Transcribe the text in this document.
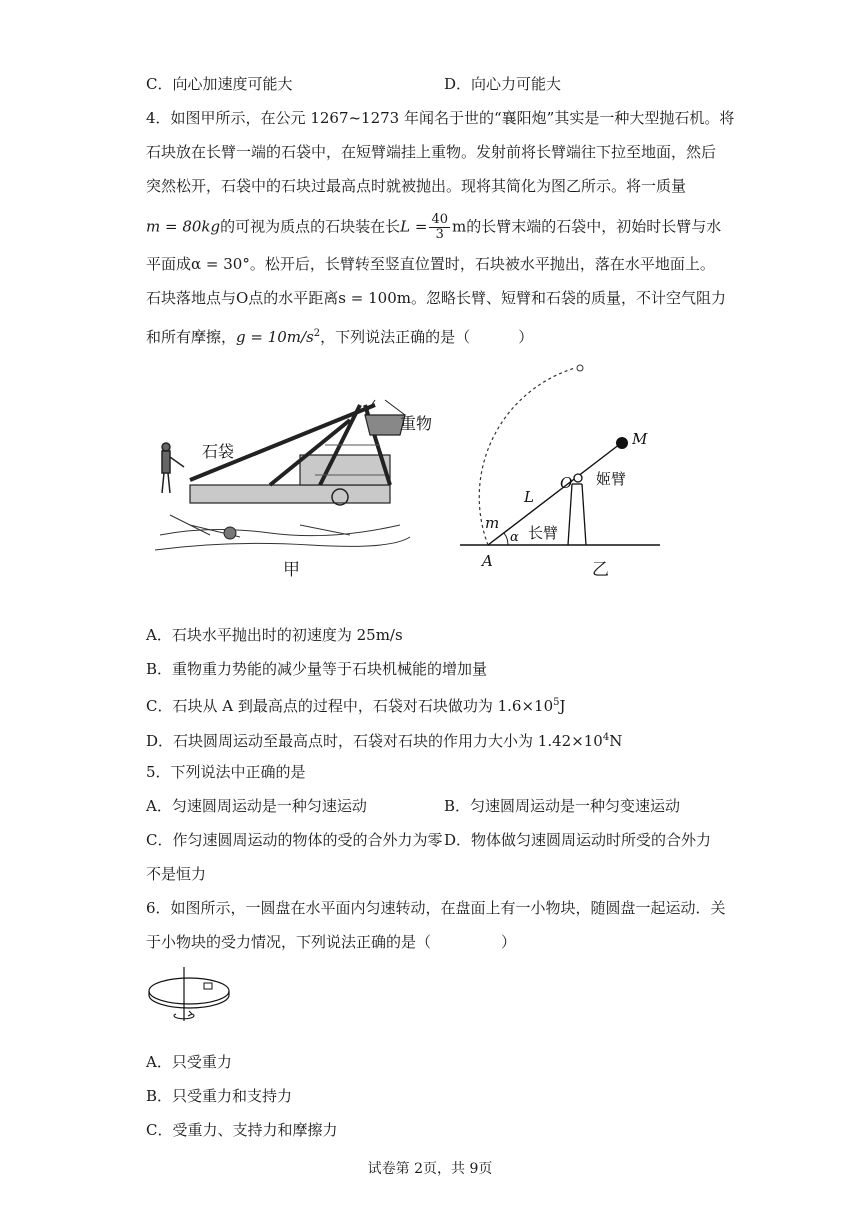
C．向心加速度可能大	D．向心力可能大
4．如图甲所示，在公元 1267~1273 年闻名于世的“襄阳炮”其实是一种大型抛石机。将
石块放在长臂一端的石袋中，在短臂端挂上重物。发射前将长臂端往下拉至地面，然后
突然松开，石袋中的石块过最高点时就被抛出。现将其简化为图乙所示。将一质量
m = 80kg的可视为质点的石块装在长$L = \frac{40}{3}$ m的长臂末端的石袋中，初始时长臂与水
平面成α = 30°。松开后，长臂转至竖直位置时，石块被水平抛出，落在水平地面上。
石块落地点与O点的水平距离s = 100m。忽略长臂、短臂和石袋的质量，不计空气阻力
和所有摩擦，$g = 10m/s^2$，下列说法正确的是（	）
石袋
重物
甲
M
O
L
m
α
A
姬臂
长臂
乙
A．石块水平抛出时的初速度为 25m/s
B．重物重力势能的减少量等于石块机械能的增加量
C．石块从 A 到最高点的过程中，石袋对石块做功为 $1.6\times 10^5J$
D．石块圆周运动至最高点时，石袋对石块的作用力大小为 $1.42\times 10^4N$
5．下列说法中正确的是
A．匀速圆周运动是一种匀速运动	B．匀速圆周运动是一种匀变速运动
C．作匀速圆周运动的物体的受的合外力为零 D．物体做匀速圆周运动时所受的合外力
不是恒力
6．如图所示，一圆盘在水平面内匀速转动，在盘面上有一小物块，随圆盘一起运动．关
于小物块的受力情况，下列说法正确的是（	）
A．只受重力
B．只受重力和支持力
C．受重力、支持力和摩擦力
试卷第 2页，共 9页
